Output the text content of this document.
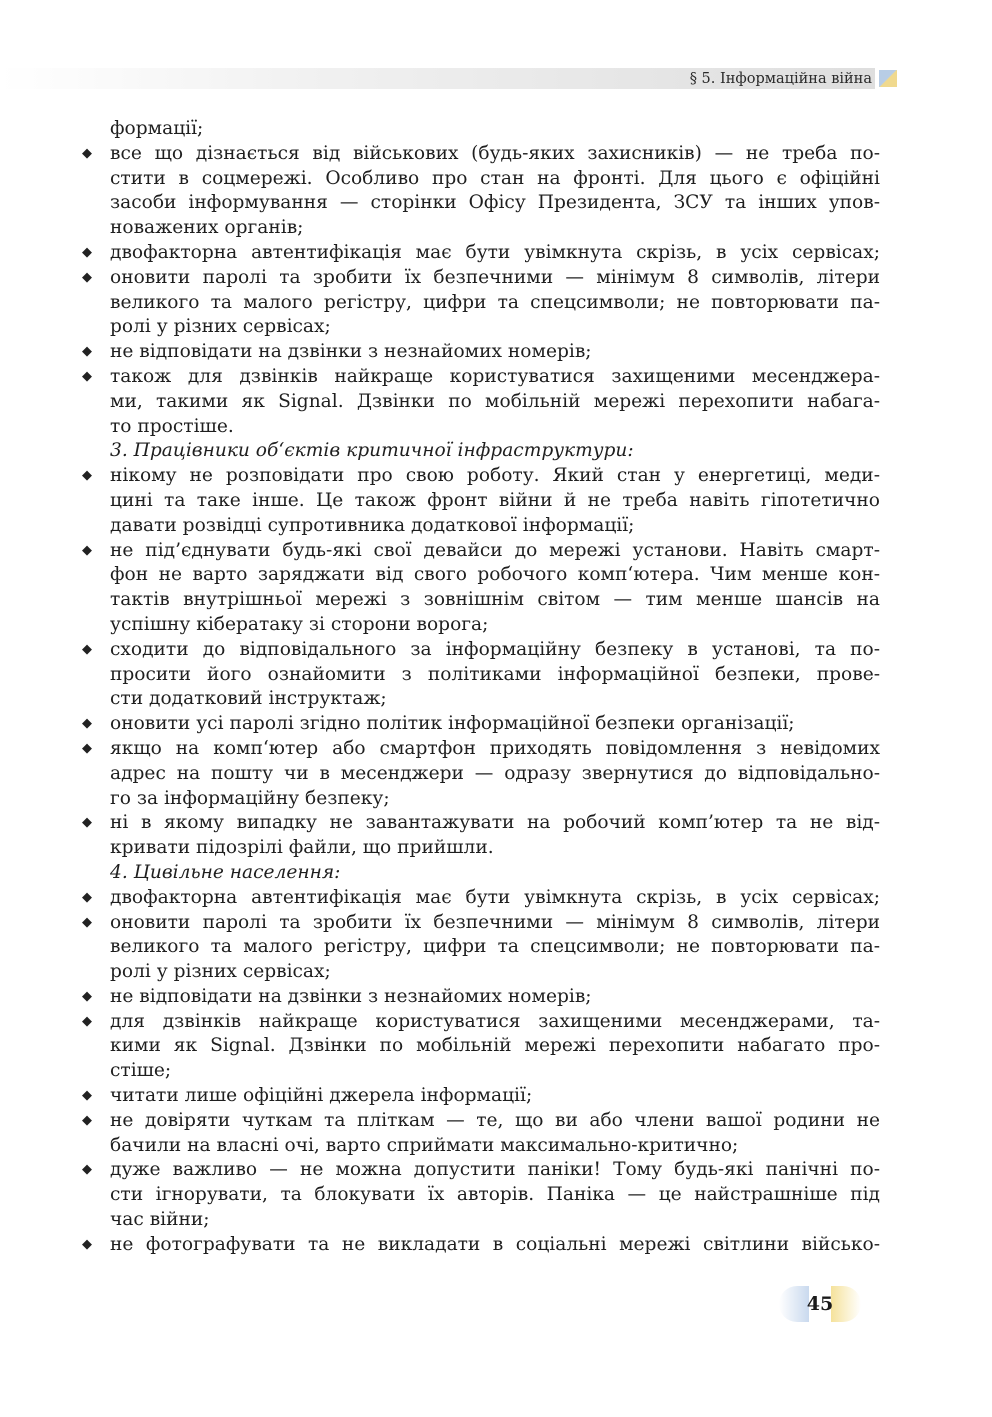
§ 5. Інформаційна війна
формації;
◆ все що дізнається від військових (будь-яких захисників) — не треба по-
стити в соцмережі. Особливо про стан на фронті. Для цього є офіційні
засоби інформування — сторінки Офісу Президента, ЗСУ та інших упов-
новажених органів;
◆ двофакторна автентифікація має бути увімкнута скрізь, в усіх сервісах;
◆ оновити паролі та зробити їх безпечними — мінімум 8 символів, літери
великого та малого регістру, цифри та спецсимволи; не повторювати па-
ролі у різних сервісах;
◆ не відповідати на дзвінки з незнайомих номерів;
◆ також для дзвінків найкраще користуватися захищеними месенджера-
ми, такими як Signal. Дзвінки по мобільній мережі перехопити набага-
то простіше.
3. Працівники об‘єктів критичної інфраструктури:
◆ нікому не розповідати про свою роботу. Який стан у енергетиці, меди-
цині та таке інше. Це також фронт війни й не треба навіть гіпотетично
давати розвідці супротивника додаткової інформації;
◆ не під’єднувати будь-які свої девайси до мережі установи. Навіть смарт-
фон не варто заряджати від свого робочого комп‘ютера. Чим менше кон-
тактів внутрішньої мережі з зовнішнім світом — тим менше шансів на
успішну кібератаку зі сторони ворога;
◆ сходити до відповідального за інформаційну безпеку в установі, та по-
просити його ознайомити з політиками інформаційної безпеки, прове-
сти додатковий інструктаж;
◆ оновити усі паролі згідно політик інформаційної безпеки організації;
◆ якщо на комп‘ютер або смартфон приходять повідомлення з невідомих
адрес на пошту чи в месенджери — одразу звернутися до відповідально-
го за інформаційну безпеку;
◆ ні в якому випадку не завантажувати на робочий комп’ютер та не від-
кривати підозрілі файли, що прийшли.
4. Цивільне населення:
◆ двофакторна автентифікація має бути увімкнута скрізь, в усіх сервісах;
◆ оновити паролі та зробити їх безпечними — мінімум 8 символів, літери
великого та малого регістру, цифри та спецсимволи; не повторювати па-
ролі у різних сервісах;
◆ не відповідати на дзвінки з незнайомих номерів;
◆ для дзвінків найкраще користуватися захищеними месенджерами, та-
кими як Signal. Дзвінки по мобільній мережі перехопити набагато про-
стіше;
◆ читати лише офіційні джерела інформації;
◆ не довіряти чуткам та пліткам — те, що ви або члени вашої родини не
бачили на власні очі, варто сприймати максимально-критично;
◆ дуже важливо — не можна допустити паніки! Тому будь-які панічні по-
сти ігнорувати, та блокувати їх авторів. Паніка — це найстрашніше під
час війни;
◆ не фотографувати та не викладати в соціальні мережі світлини військо-
45
